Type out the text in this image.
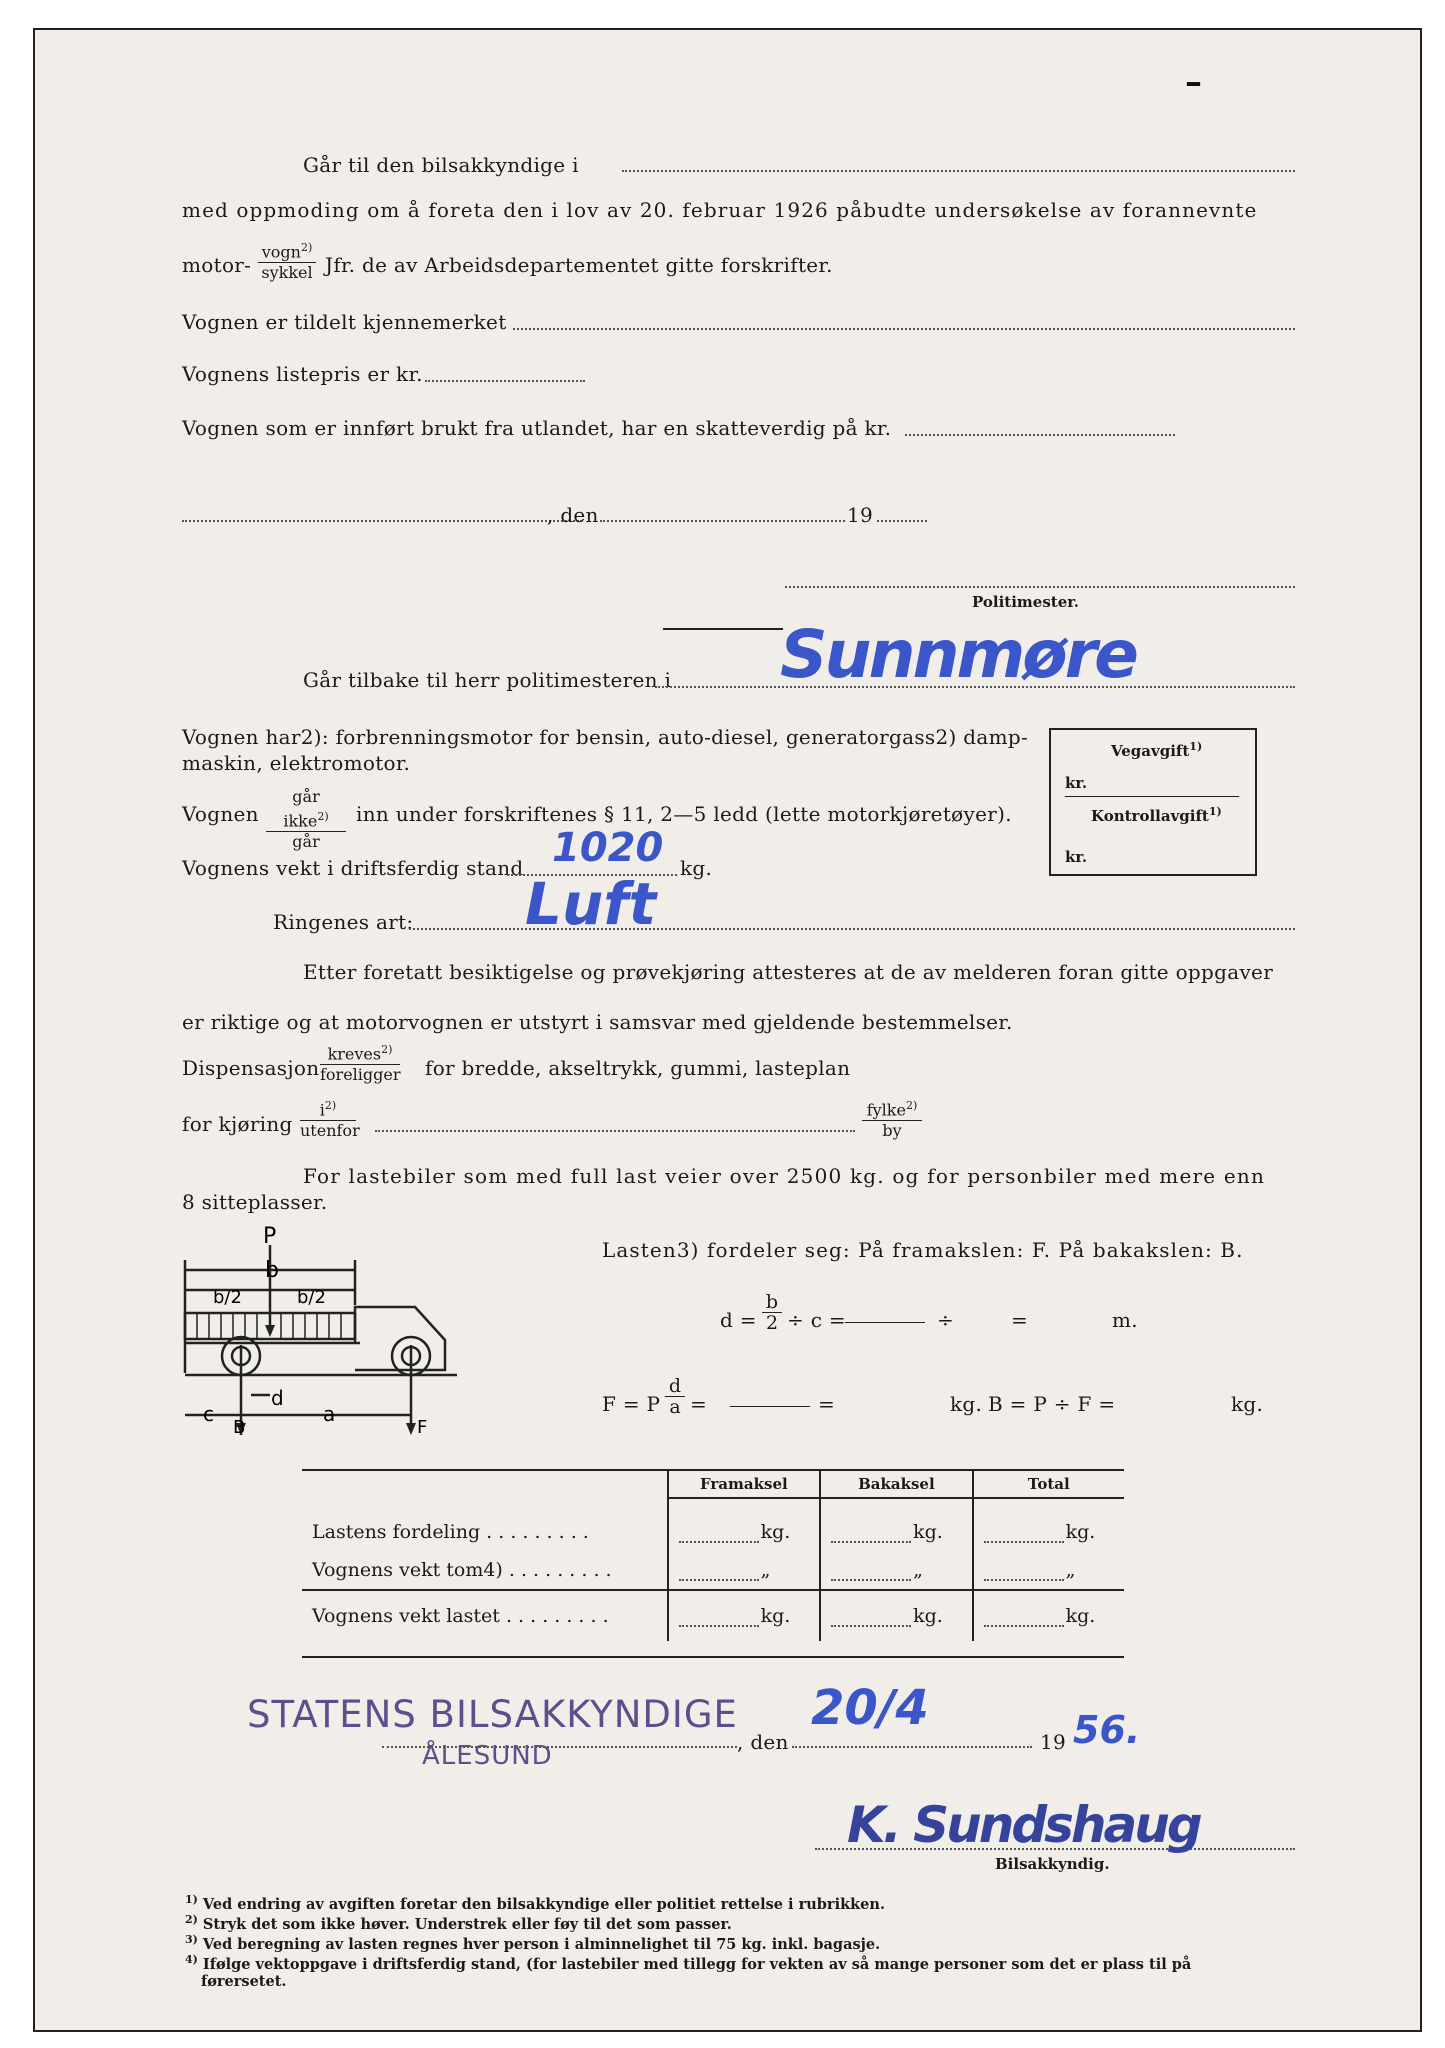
–
Går til den bilsakkyndige i
med oppmoding om å foreta den i lov av 20. februar 1926 påbudte undersøkelse av forannevnte
motor-
vogn$^{2)}$
sykkel Jfr. de av Arbeidsdepartementet gitte forskrifter.
Vognen er tildelt kjennemerket
Vognens listepris er kr.
Vognen som er innført brukt fra utlandet, har en skatteverdig på kr.
, den	19
Politimester.
Går tilbake til herr politimesteren i Sunnmøre
Vognen har2): forbrenningsmotor for bensin, auto-diesel, generatorgass2) damp-
maskin, elektromotor.
Vognen
går ikke$^{2)}$
går
inn under forskriftenes § 11, 2—5 ledd (lette motorkjøretøyer).
Vognens vekt i driftsferdig stand 1020 kg.
Ringenes art: Luft
Vegavgift$^{1)}$
kr.
Kontrollavgift$^{1)}$
kr.
Etter foretatt besiktigelse og prøvekjøring attesteres at de av melderen foran gitte oppgaver
er riktige og at motorvognen er utstyrt i samsvar med gjeldende bestemmelser.
Dispensasjon
kreves$^{2)}$
foreligger for bredde, akseltrykk, gummi, lasteplan
for kjøring
$i^{2)}$
utenfor
fylke$^{2)}$
by
For lastebiler som med full last veier over 2500 kg. og for personbiler med mere enn
8 sitteplasser.
P
b
b/2	b/2
c
d
a
B	F
Lasten3) fordeler seg: På framakslen: F. På bakakslen: B.
$d = \frac{b}{2} \div c$ =	÷	=	m.
F = P $\frac{d}{a}$ =	=	kg. B = P ÷ F =	kg.
	Framaksel	Bakaksel	Total
Lastens fordeling . . . . . . . . .	kg.	kg.	kg.
Vognens vekt tom4) . . . . . . . . .	„	„	„
Vognens vekt lastet . . . . . . . . .	kg.	kg.	kg.
STATENS BILSAKKYNDIGE
ÅLESUND	, den
20/4
19 56.
K. Sundshaug
Bilsakkyndig.
$^{1)}$ Ved endring av avgiften foretar den bilsakkyndige eller politiet rettelse i rubrikken.
$^{2)}$ Stryk det som ikke høver. Understrek eller føy til det som passer.
$^{3)}$ Ved beregning av lasten regnes hver person i alminnelighet til 75 kg. inkl. bagasje.
$^{4)}$ Ifølge vektoppgave i driftsferdig stand, (for lastebiler med tillegg for vekten av så mange personer som det er plass til på
førersetet.
